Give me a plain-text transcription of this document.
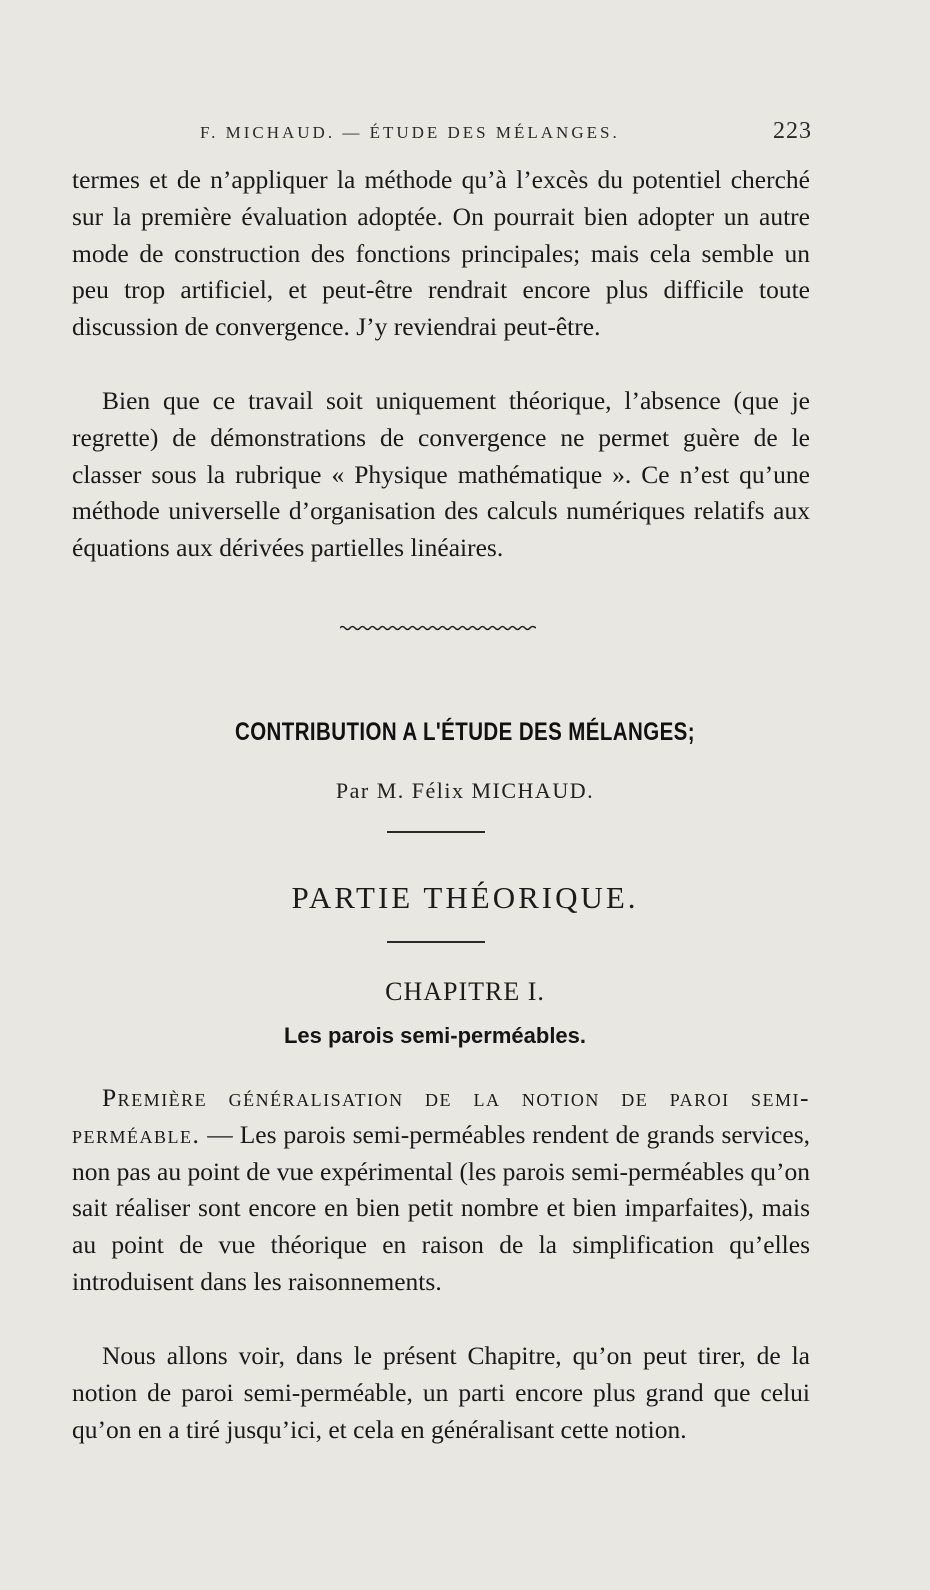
F. MICHAUD. — ÉTUDE DES MÉLANGES.	223

termes et de n’appliquer la méthode qu’à l’excès du potentiel cherché sur la première évaluation adoptée. On pourrait bien adopter un autre mode de construction des fonctions principales; mais cela semble un peu trop artificiel, et peut-être rendrait encore plus difficile toute discussion de convergence. J’y reviendrai peut-être.

Bien que ce travail soit uniquement théorique, l’absence (que je regrette) de démonstrations de convergence ne permet guère de le classer sous la rubrique « Physique mathématique ». Ce n’est qu’une méthode universelle d’organisation des calculs numériques relatifs aux équations aux dérivées partielles linéaires.

CONTRIBUTION A L'ÉTUDE DES MÉLANGES;
Par M. Félix MICHAUD.
PARTIE THÉORIQUE.
CHAPITRE I.
Les parois semi-perméables.

Première généralisation de la notion de paroi semi-perméable. — Les parois semi-perméables rendent de grands services, non pas au point de vue expérimental (les parois semi-perméables qu’on sait réaliser sont encore en bien petit nombre et bien imparfaites), mais au point de vue théorique en raison de la simplification qu’elles introduisent dans les raisonnements.

Nous allons voir, dans le présent Chapitre, qu’on peut tirer, de la notion de paroi semi-perméable, un parti encore plus grand que celui qu’on en a tiré jusqu’ici, et cela en généralisant cette notion.
